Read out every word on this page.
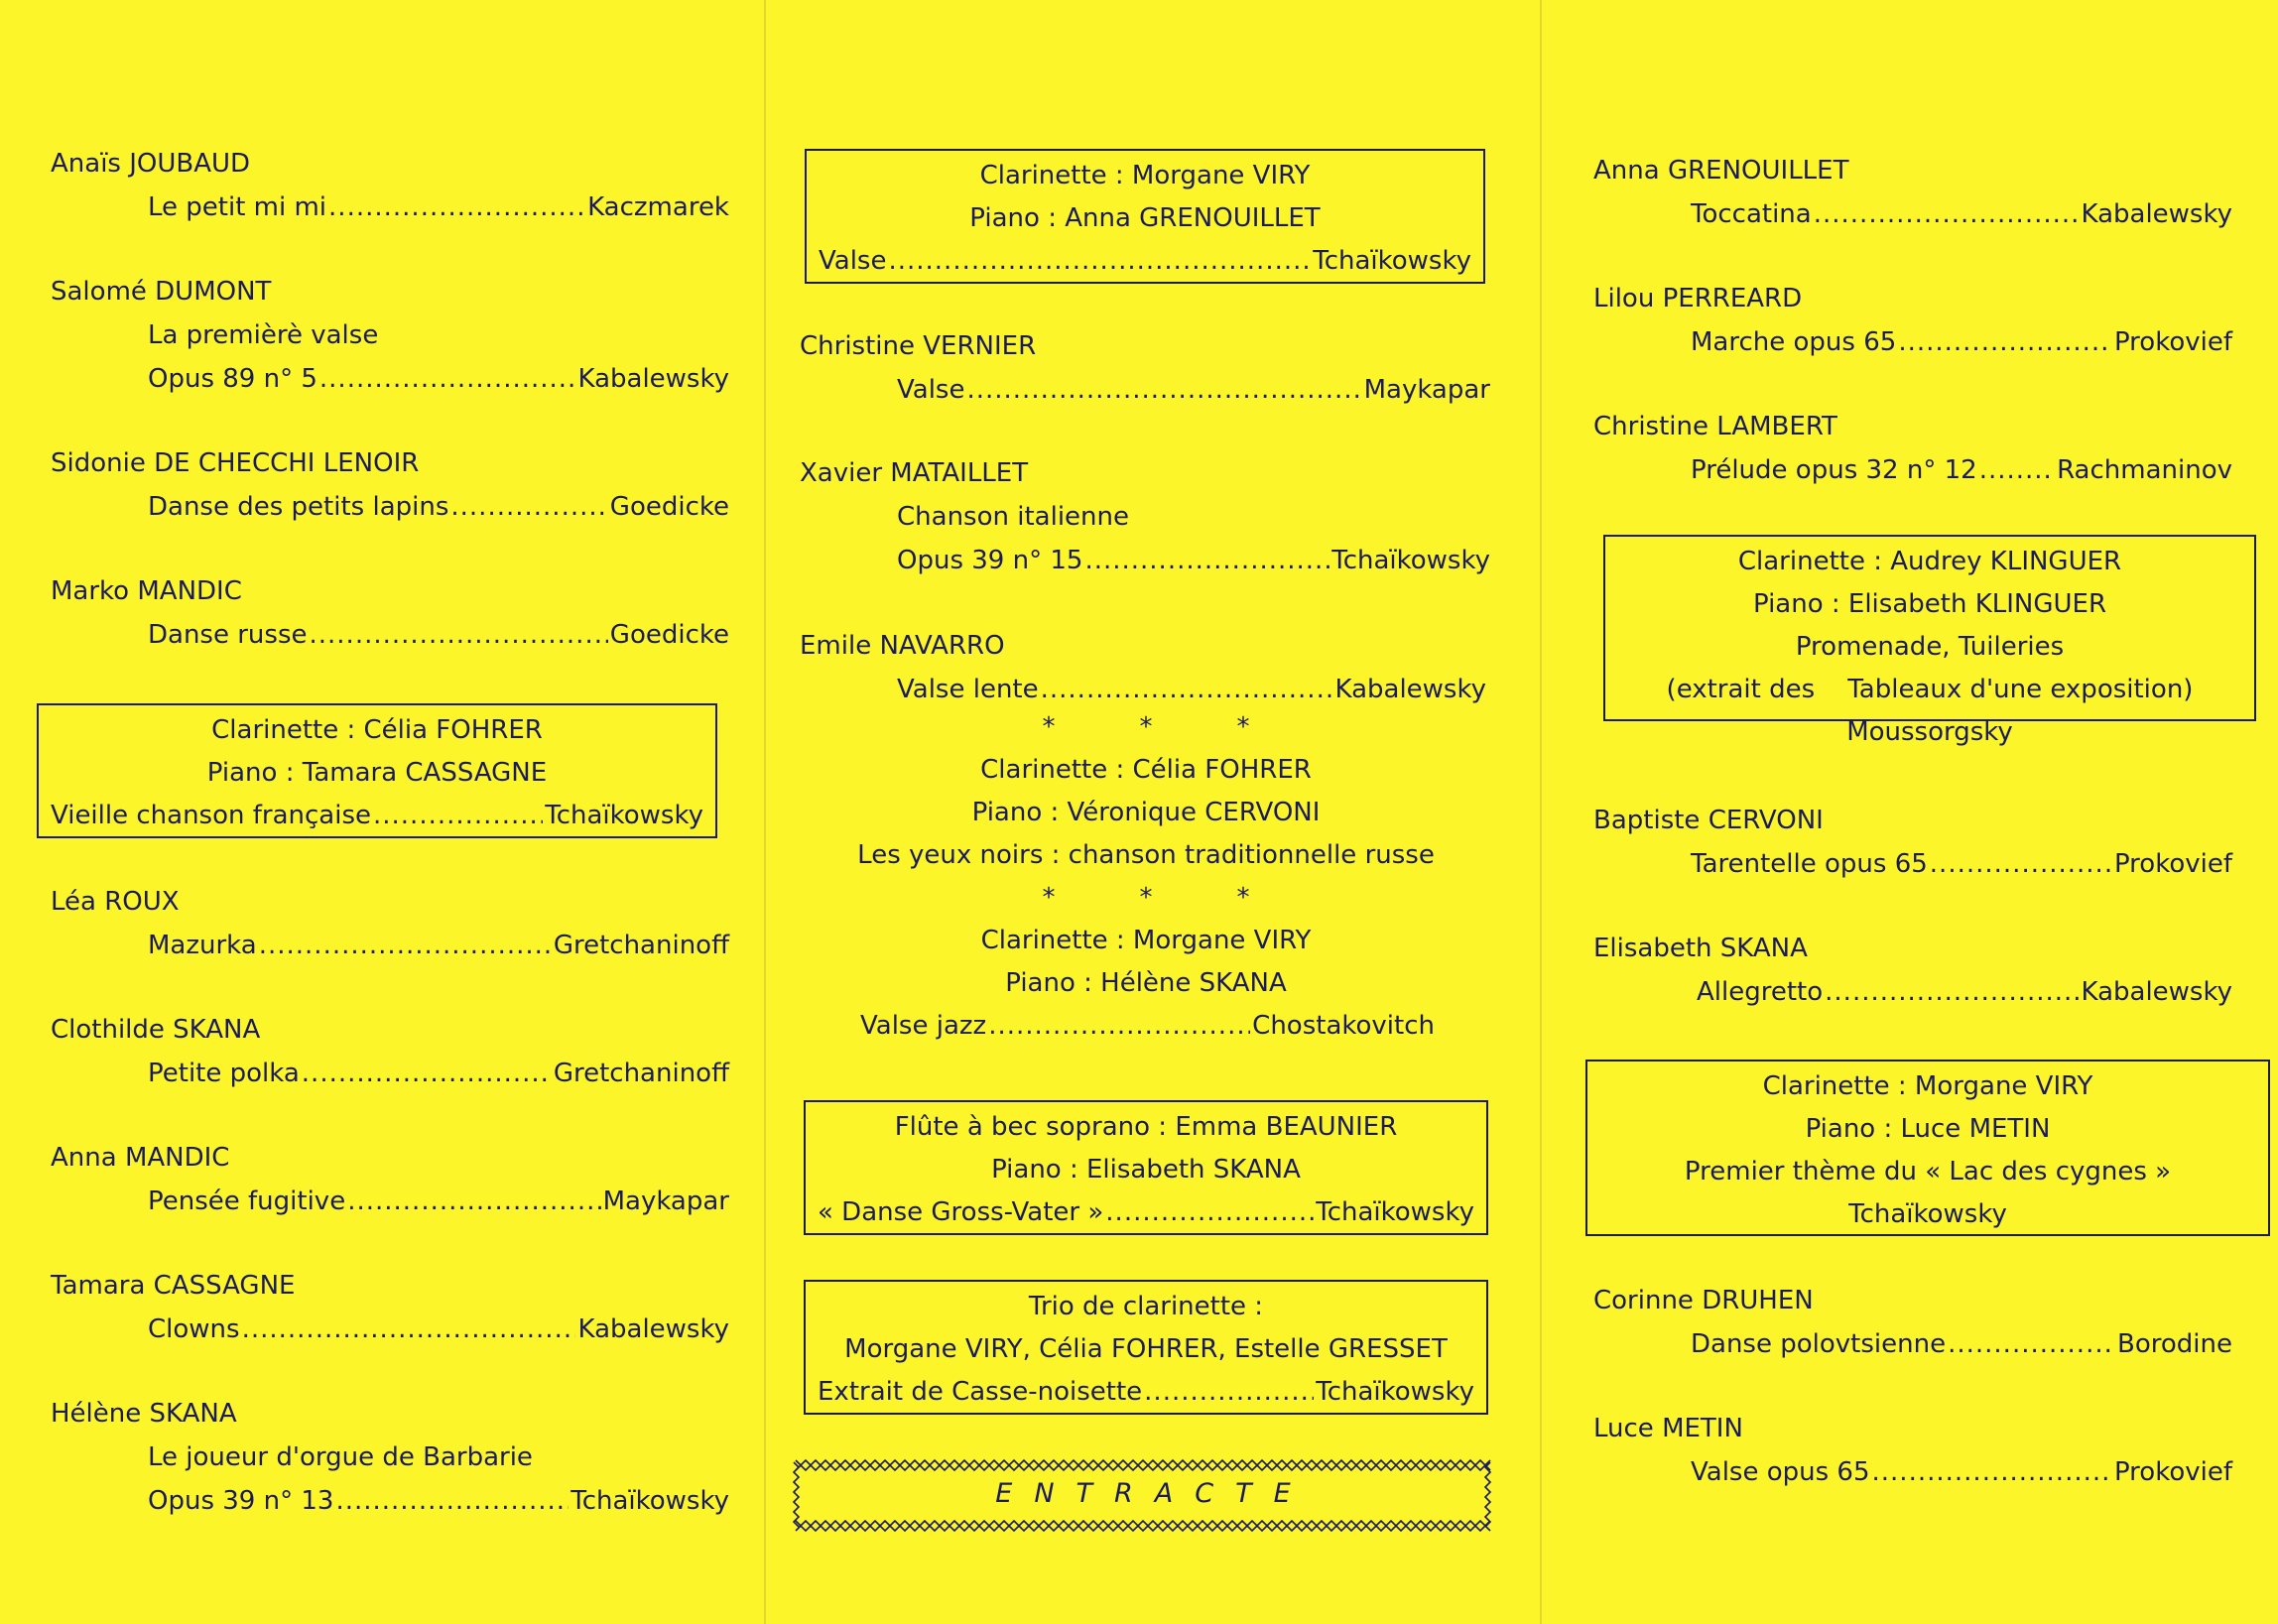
Anaïs JOUBAUD
Le petit mi mi .....	Kaczmarek
Salomé DUMONT
La premièrè valse
Opus 89 n° 5 .....	Kabalewsky
Sidonie DE CHECCHI LENOIR
Danse des petits lapins .....	Goedicke
Marko MANDIC
Danse russe .....	Goedicke
Clarinette : Célia FOHRER
Piano : Tamara CASSAGNE
Vieille chanson française .....	Tchaïkowsky
Léa ROUX
Mazurka .....	Gretchaninoff
Clothilde SKANA
Petite polka .....	Gretchaninoff
Anna MANDIC
Pensée fugitive .....	Maykapar
Tamara CASSAGNE
Clowns .....	Kabalewsky
Hélène SKANA
Le joueur d'orgue de Barbarie
Opus 39 n° 13 .....	Tchaïkowsky
Clarinette : Morgane VIRY
Piano : Anna GRENOUILLET
Valse .....	Tchaïkowsky
Christine VERNIER
Valse .....	Maykapar
Xavier MATAILLET
Chanson italienne
Opus 39 n° 15 .....	Tchaïkowsky
Emile NAVARRO
Valse lente .....	Kabalewsky
*	*	*
Clarinette : Célia FOHRER
Piano : Véronique CERVONI
Les yeux noirs : chanson traditionnelle russe
*	*	*
Clarinette : Morgane VIRY
Piano : Hélène SKANA
Valse jazz .....	Chostakovitch
Flûte à bec soprano : Emma BEAUNIER
Piano : Elisabeth SKANA
« Danse Gross-Vater » .....	Tchaïkowsky
Trio de clarinette :
Morgane VIRY, Célia FOHRER, Estelle GRESSET
Extrait de Casse-noisette .....	Tchaïkowsky
ENTRACTE
Anna GRENOUILLET
Toccatina .....	Kabalewsky
Lilou PERREARD
Marche opus 65 .....	Prokovief
Christine LAMBERT
Prélude opus 32 n° 12 .....	Rachmaninov
Clarinette : Audrey KLINGUER
Piano : Elisabeth KLINGUER
Promenade, Tuileries
(extrait des    Tableaux d'une exposition)
Moussorgsky
Baptiste CERVONI
Tarentelle opus 65 .....	Prokovief
Elisabeth SKANA
Allegretto .....	Kabalewsky
Clarinette : Morgane VIRY
Piano : Luce METIN
Premier thème du « Lac des cygnes »
Tchaïkowsky
Corinne DRUHEN
Danse polovtsienne .....	Borodine
Luce METIN
Valse opus 65 .....	Prokovief
